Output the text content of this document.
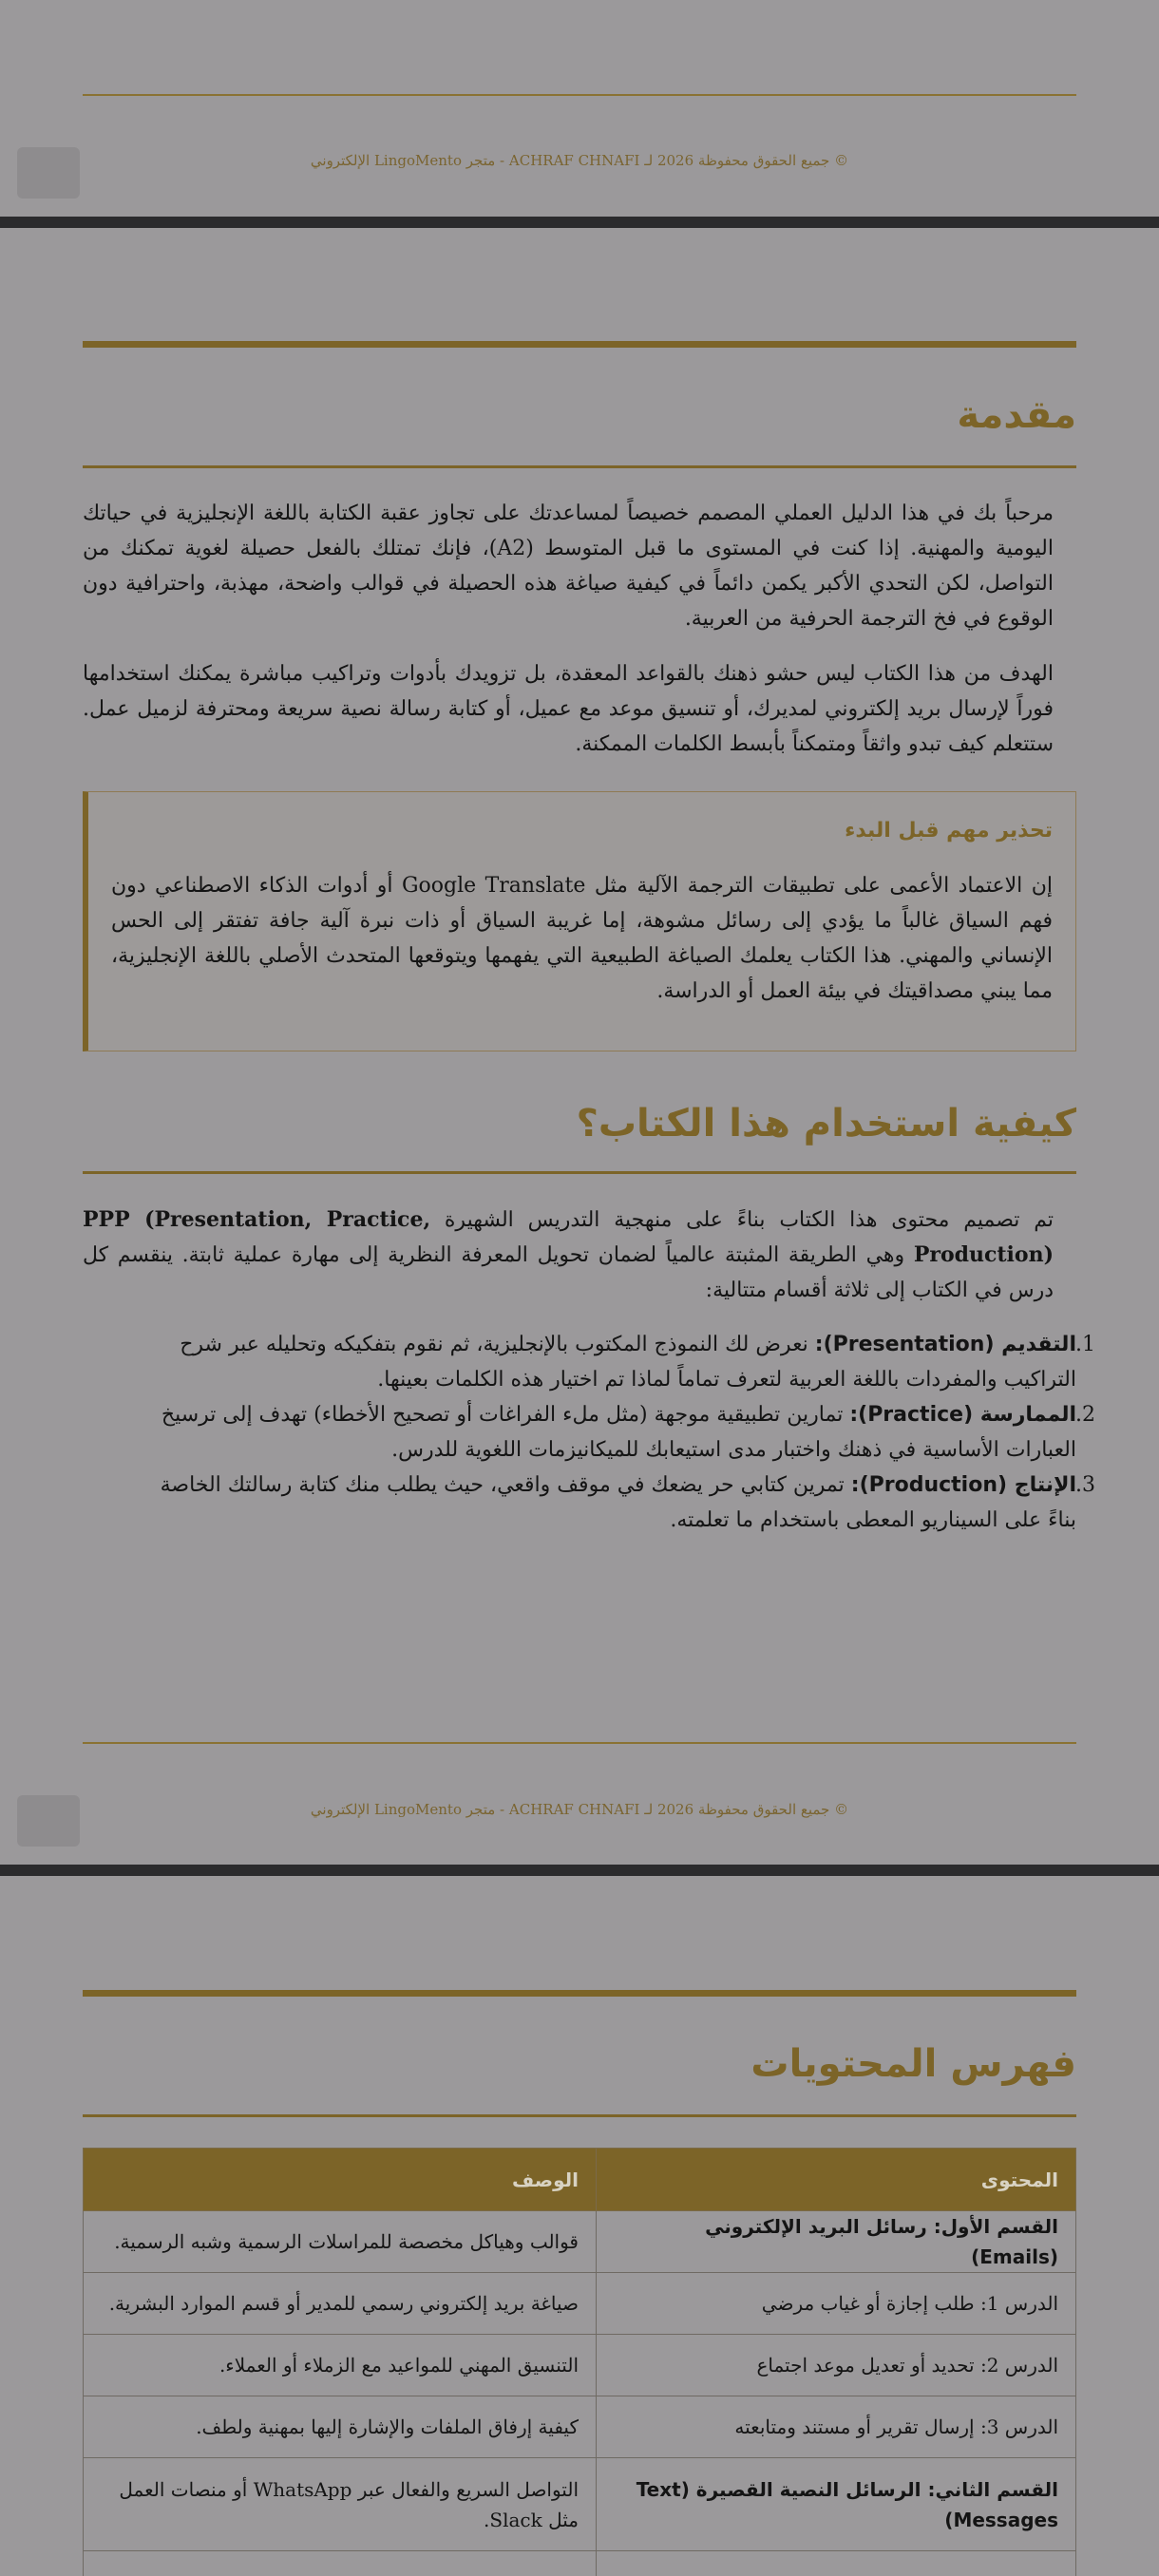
© جميع الحقوق محفوظة 2026 لـ ACHRAF CHNAFI - متجر LingoMento الإلكتروني
مقدمة
مرحباً بك في هذا الدليل العملي المصمم خصيصاً لمساعدتك على تجاوز عقبة الكتابة باللغة الإنجليزية في حياتك اليومية والمهنية. إذا كنت في المستوى ما قبل المتوسط (A2)، فإنك تمتلك بالفعل حصيلة لغوية تمكنك من التواصل، لكن التحدي الأكبر يكمن دائماً في كيفية صياغة هذه الحصيلة في قوالب واضحة، مهذبة، واحترافية دون الوقوع في فخ الترجمة الحرفية من العربية.
الهدف من هذا الكتاب ليس حشو ذهنك بالقواعد المعقدة، بل تزويدك بأدوات وتراكيب مباشرة يمكنك استخدامها فوراً لإرسال بريد إلكتروني لمديرك، أو تنسيق موعد مع عميل، أو كتابة رسالة نصية سريعة ومحترفة لزميل عمل. ستتعلم كيف تبدو واثقاً ومتمكناً بأبسط الكلمات الممكنة.
تحذير مهم قبل البدء
إن الاعتماد الأعمى على تطبيقات الترجمة الآلية مثل Google Translate أو أدوات الذكاء الاصطناعي دون فهم السياق غالباً ما يؤدي إلى رسائل مشوهة، إما غريبة السياق أو ذات نبرة آلية جافة تفتقر إلى الحس الإنساني والمهني. هذا الكتاب يعلمك الصياغة الطبيعية التي يفهمها ويتوقعها المتحدث الأصلي باللغة الإنجليزية، مما يبني مصداقيتك في بيئة العمل أو الدراسة.
كيفية استخدام هذا الكتاب؟
تم تصميم محتوى هذا الكتاب بناءً على منهجية التدريس الشهيرة PPP (Presentation, Practice, Production) وهي الطريقة المثبتة عالمياً لضمان تحويل المعرفة النظرية إلى مهارة عملية ثابتة. ينقسم كل درس في الكتاب إلى ثلاثة أقسام متتالية:
1.
التقديم (Presentation): نعرض لك النموذج المكتوب بالإنجليزية، ثم نقوم بتفكيكه وتحليله عبر شرح التراكيب والمفردات باللغة العربية لتعرف تماماً لماذا تم اختيار هذه الكلمات بعينها.
2.
الممارسة (Practice): تمارين تطبيقية موجهة (مثل ملء الفراغات أو تصحيح الأخطاء) تهدف إلى ترسيخ العبارات الأساسية في ذهنك واختبار مدى استيعابك للميكانيزمات اللغوية للدرس.
3.
الإنتاج (Production): تمرين كتابي حر يضعك في موقف واقعي، حيث يطلب منك كتابة رسالتك الخاصة بناءً على السيناريو المعطى باستخدام ما تعلمته.
© جميع الحقوق محفوظة 2026 لـ ACHRAF CHNAFI - متجر LingoMento الإلكتروني
فهرس المحتويات
المحتوى	الوصف
القسم الأول: رسائل البريد الإلكتروني (Emails)	قوالب وهياكل مخصصة للمراسلات الرسمية وشبه الرسمية.
الدرس 1: طلب إجازة أو غياب مرضي	صياغة بريد إلكتروني رسمي للمدير أو قسم الموارد البشرية.
الدرس 2: تحديد أو تعديل موعد اجتماع	التنسيق المهني للمواعيد مع الزملاء أو العملاء.
الدرس 3: إرسال تقرير أو مستند ومتابعته	كيفية إرفاق الملفات والإشارة إليها بمهنية ولطف.
القسم الثاني: الرسائل النصية القصيرة (Text Messages)	التواصل السريع والفعال عبر WhatsApp أو منصات العمل مثل Slack.
